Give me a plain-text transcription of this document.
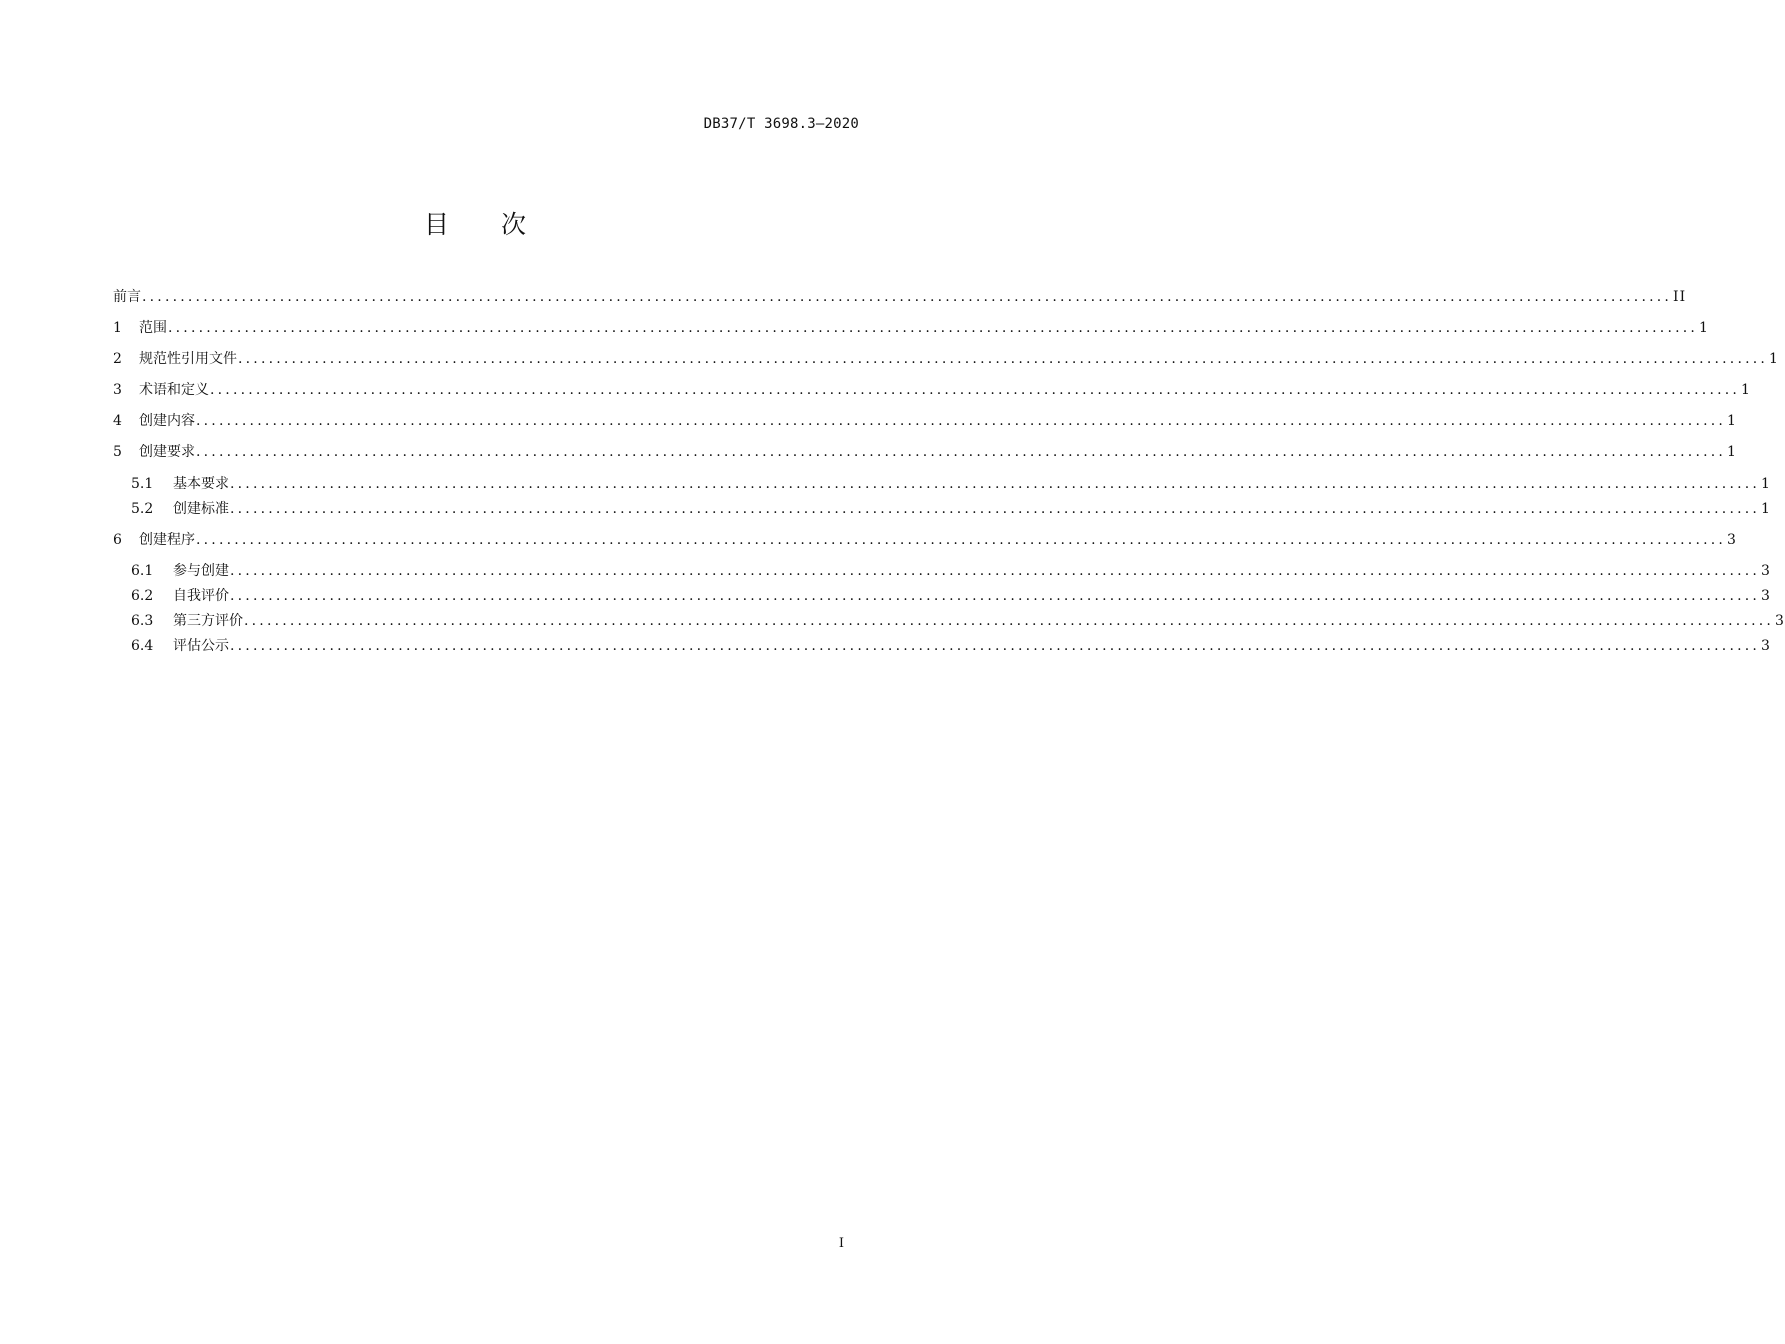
DB37/T 3698.3—2020
目次
前言 ........................................................................................................................................................................................................ II
1	范围 ........................................................................................................................................................................................................ 1
2	规范性引用文件 ........................................................................................................................................................................................................ 1
3	术语和定义 ........................................................................................................................................................................................................ 1
4	创建内容 ........................................................................................................................................................................................................ 1
5	创建要求 ........................................................................................................................................................................................................ 1
5.1	基本要求 ........................................................................................................................................................................................................ 1
5.2	创建标准 ........................................................................................................................................................................................................ 1
6	创建程序 ........................................................................................................................................................................................................ 3
6.1	参与创建 ........................................................................................................................................................................................................ 3
6.2	自我评价 ........................................................................................................................................................................................................ 3
6.3	第三方评价 ........................................................................................................................................................................................................ 3
6.4	评估公示 ........................................................................................................................................................................................................ 3
I
